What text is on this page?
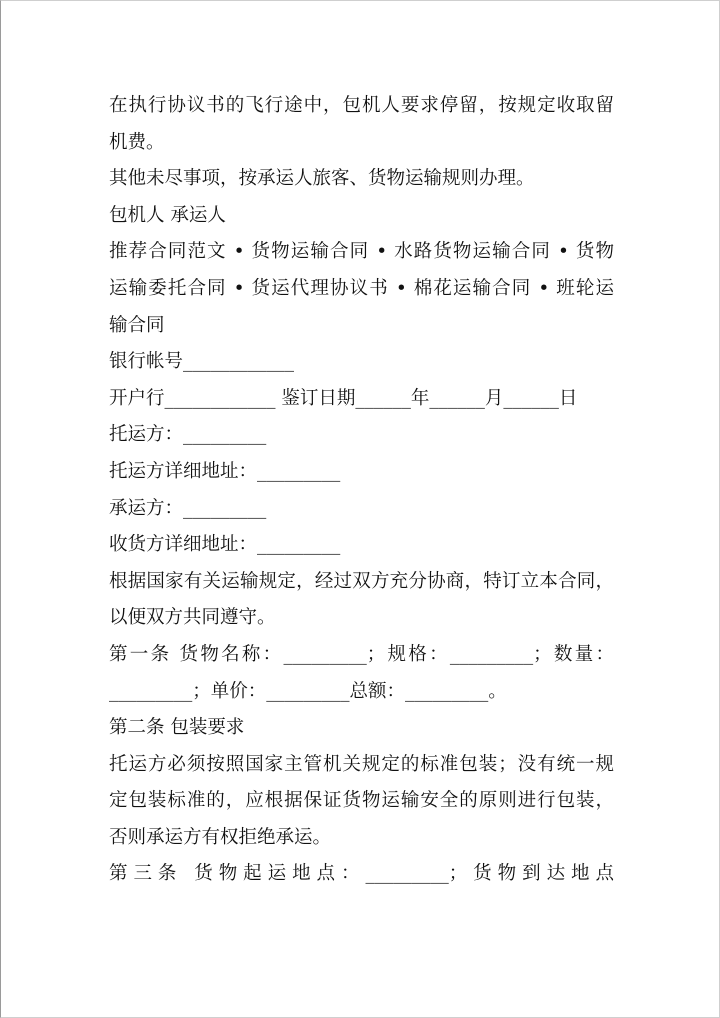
在执行协议书的飞行途中，包机人要求停留，按规定收取留

机费。

其他未尽事项，按承运人旅客、货物运输规则办理。

包机人 承运人

推荐合同范文 • 货物运输合同 • 水路货物运输合同 • 货物

运输委托合同 • 货运代理协议书 • 棉花运输合同 • 班轮运

输合同

银行帐号____________

开户行____________ 鉴订日期______年______月______日

托运方：_________

托运方详细地址：_________

承运方：_________

收货方详细地址：_________

根据国家有关运输规定，经过双方充分协商，特订立本合同，

以便双方共同遵守。

第一条 货物名称：_________；规格：_________；数量：

_________；单价：_________总额：_________。

第二条 包装要求

托运方必须按照国家主管机关规定的标准包装；没有统一规

定包装标准的，应根据保证货物运输安全的原则进行包装，

否则承运方有权拒绝承运。

第三条 货物起运地点：_________；货物到达地点
